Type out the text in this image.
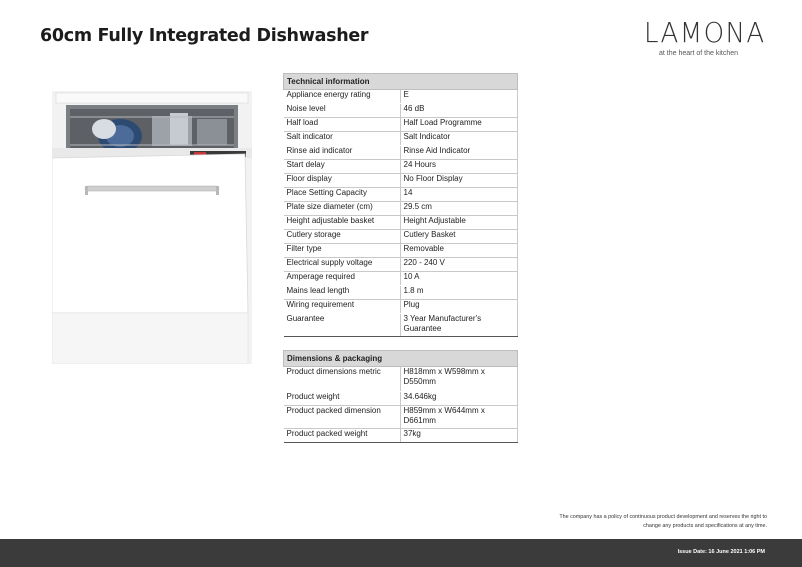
60cm Fully Integrated Dishwasher	LAMONA
at the heart of the kitchen
Technical information	
Appliance energy rating	E
Noise level	46 dB
Half load	Half Load Programme
Salt indicator	Salt Indicator
Rinse aid indicator	Rinse Aid Indicator
Start delay	24 Hours
Floor display	No Floor Display
Place Setting Capacity	14
Plate size diameter (cm)	29.5 cm
Height adjustable basket	Height Adjustable
Cutlery storage	Cutlery Basket
Filter type	Removable
Electrical supply voltage	220 - 240 V
Amperage required	10 A
Mains lead length	1.8 m
Wiring requirement	Plug
Guarantee	3 Year Manufacturer's Guarantee
Dimensions & packaging	
Product dimensions metric	H818mm x W598mm x D550mm
Product weight	34.646kg
Product packed dimension	H859mm x W644mm x D661mm
Product packed weight	37kg
The company has a policy of continuous product development and reserves the right to
change any products and specifications at any time.
Issue Date: 16 June 2021 1:06 PM
